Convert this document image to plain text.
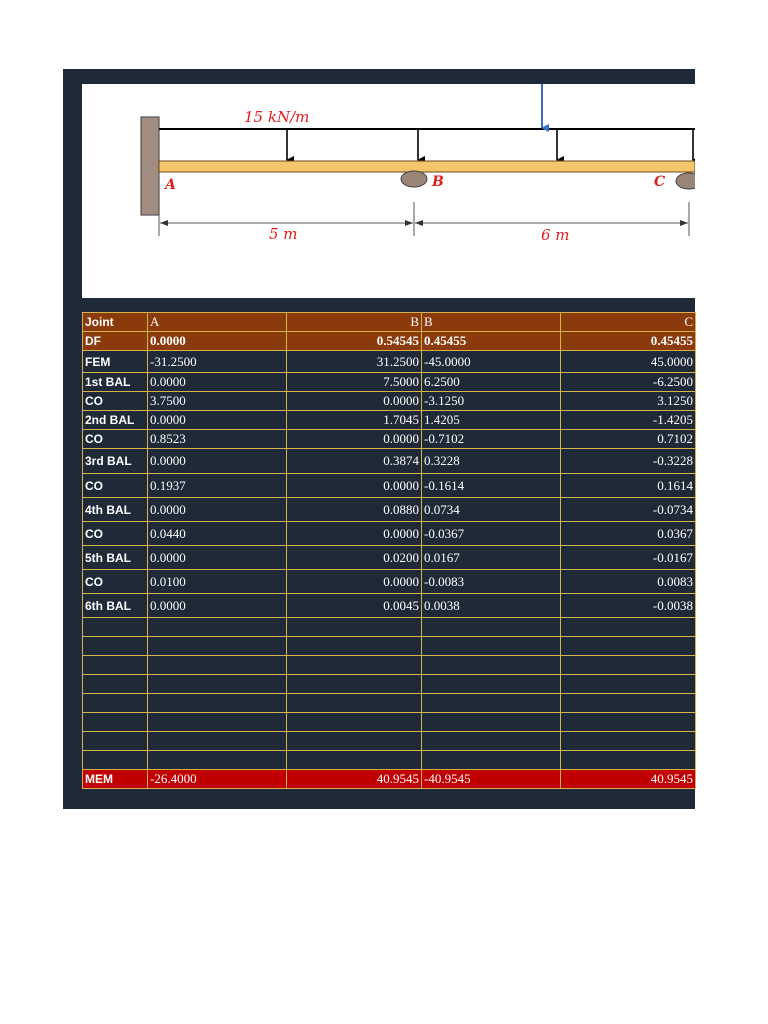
A	B	C
15 kN/m
5 m	6 m
Joint	A	B	B	C
DF	0.0000	0.54545	0.45455	0.45455
FEM	-31.2500	31.2500	-45.0000	45.0000
1st BAL	0.0000	7.5000	6.2500	-6.2500
CO	3.7500	0.0000	-3.1250	3.1250
2nd BAL	0.0000	1.7045	1.4205	-1.4205
CO	0.8523	0.0000	-0.7102	0.7102
3rd BAL	0.0000	0.3874	0.3228	-0.3228
CO	0.1937	0.0000	-0.1614	0.1614
4th BAL	0.0000	0.0880	0.0734	-0.0734
CO	0.0440	0.0000	-0.0367	0.0367
5th BAL	0.0000	0.0200	0.0167	-0.0167
CO	0.0100	0.0000	-0.0083	0.0083
6th BAL	0.0000	0.0045	0.0038	-0.0038

MEM	-26.4000	40.9545	-40.9545	40.9545
